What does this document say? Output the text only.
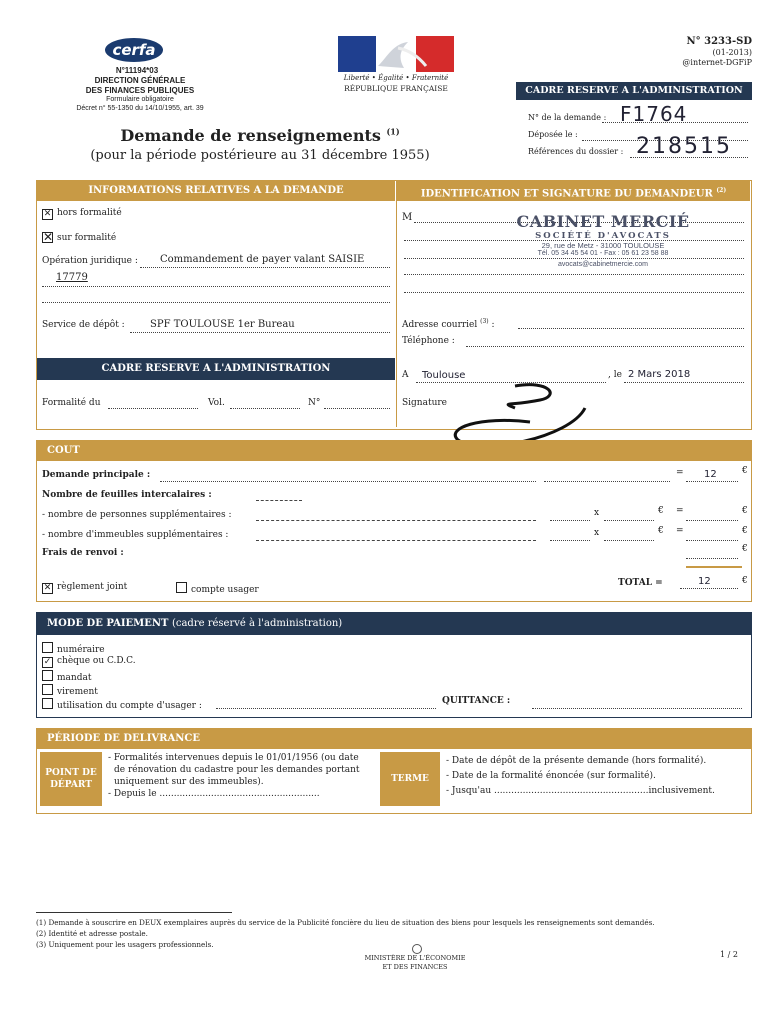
cerfa
N°11194*03
DIRECTION GÉNÉRALE
DES FINANCES PUBLIQUES
Formulaire obligatoire
Décret n° 55-1350 du 14/10/1955, art. 39
Liberté • Égalité • Fraternité
RÉPUBLIQUE FRANÇAISE
N° 3233-SD
(01-2013)
@internet-DGFiP
CADRE RESERVE A L'ADMINISTRATION
N° de la demande : F1764
Déposée le :
Références du dossier : 218515
Demande de renseignements $^{(1)}$
(pour la période postérieure au 31 décembre 1955)
INFORMATIONS RELATIVES A LA DEMANDE	IDENTIFICATION ET SIGNATURE DU DEMANDEUR $^{(2)}$
✕ hors formalité
✕ sur formalité
Opération juridique : Commandement de payer valant SAISIE
17779
Service de dépôt :	SPF TOULOUSE 1er Bureau
CADRE RESERVE A L'ADMINISTRATION
Formalité du	Vol.	N°
M	CABINET MERCIÉ
SOCIÉTÉ D'AVOCATS
29, rue de Metz - 31000 TOULOUSE
Tél. 05 34 45 54 01 - Fax : 05 61 23 58 88
avocats@cabinetmercie.com
Adresse courriel $^{(3)}$ :
Téléphone :
A Toulouse	, le 2 Mars 2018
Signature
COUT
Demande principale :	= 12	€
Nombre de feuilles intercalaires :
- nombre de personnes supplémentaires :	x	€ =	€
- nombre d'immeubles supplémentaires :	x	€ =	€
Frais de renvoi :	€
✕ règlement joint	compte usager
TOTAL =	12	€
MODE DE PAIEMENT (cadre réservé à l'administration)
numéraire
✓ chèque ou C.D.C.
mandat
virement
utilisation du compte d'usager :	QUITTANCE :
PÉRIODE DE DELIVRANCE
POINT DE DÉPART
- Formalités intervenues depuis le 01/01/1956 (ou date
de rénovation du cadastre pour les demandes portant
uniquement sur des immeubles).
- Depuis le ........................................................
TERME
- Date de dépôt de la présente demande (hors formalité).
- Date de la formalité énoncée (sur formalité).
- Jusqu'au ......................................................inclusivement.
(1) Demande à souscrire en DEUX exemplaires auprès du service de la Publicité foncière du lieu de situation des biens pour lesquels les renseignements sont demandés.
(2) Identité et adresse postale.
(3) Uniquement pour les usagers professionnels.
MINISTÈRE DE L'ÉCONOMIE
ET DES FINANCES
1 / 2
